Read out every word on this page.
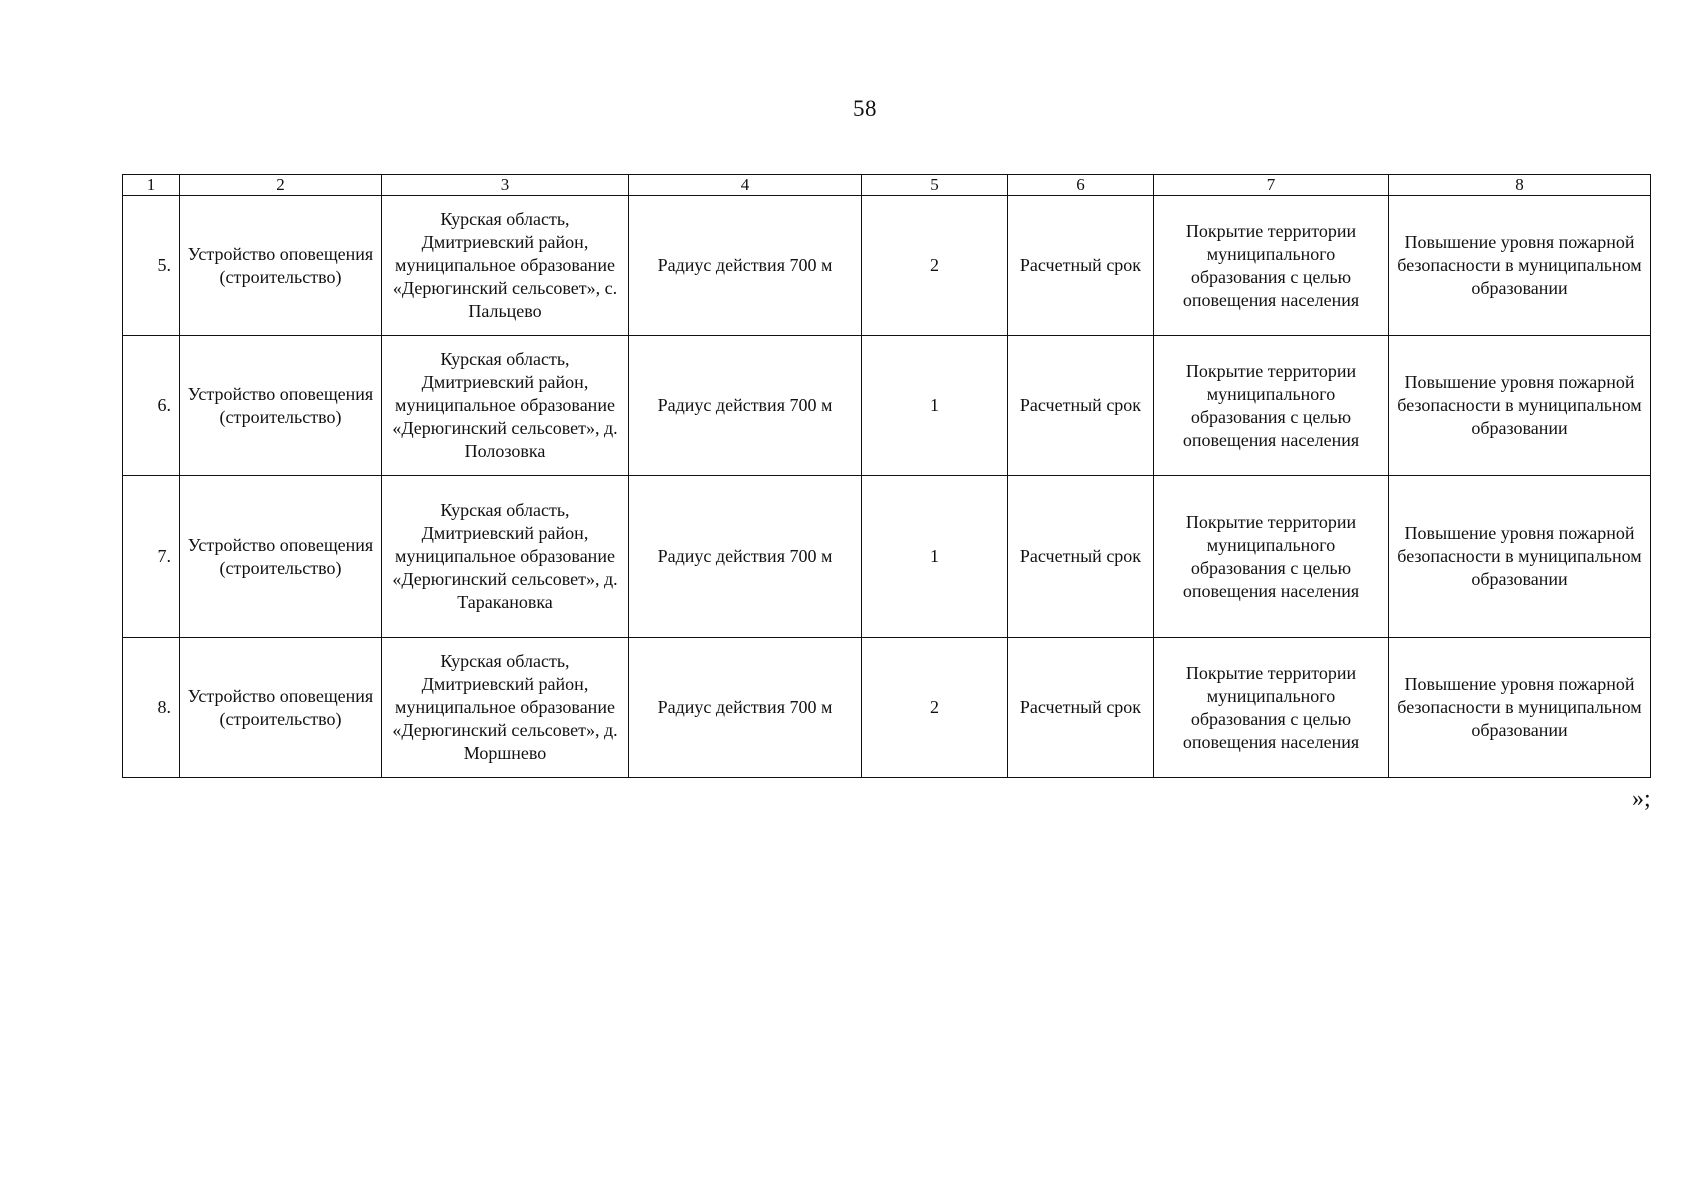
58
1	2	3	4	5	6	7	8
5.	Устройство оповещения (строительство)	Курская область, Дмитриевский район, муниципальное образование «Дерюгинский сельсовет», с. Пальцево	Радиус действия 700 м	2	Расчетный срок	Покрытие территории муниципального образования с целью оповещения населения	Повышение уровня пожарной безопасности в муниципальном образовании
6.	Устройство оповещения (строительство)	Курская область, Дмитриевский район, муниципальное образование «Дерюгинский сельсовет», д. Полозовка	Радиус действия 700 м	1	Расчетный срок	Покрытие территории муниципального образования с целью оповещения населения	Повышение уровня пожарной безопасности в муниципальном образовании
7.	Устройство оповещения (строительство)	Курская область, Дмитриевский район, муниципальное образование «Дерюгинский сельсовет», д. Таракановка	Радиус действия 700 м	1	Расчетный срок	Покрытие территории муниципального образования с целью оповещения населения	Повышение уровня пожарной безопасности в муниципальном образовании
8.	Устройство оповещения (строительство)	Курская область, Дмитриевский район, муниципальное образование «Дерюгинский сельсовет», д. Моршнево	Радиус действия 700 м	2	Расчетный срок	Покрытие территории муниципального образования с целью оповещения населения	Повышение уровня пожарной безопасности в муниципальном образовании
»;
